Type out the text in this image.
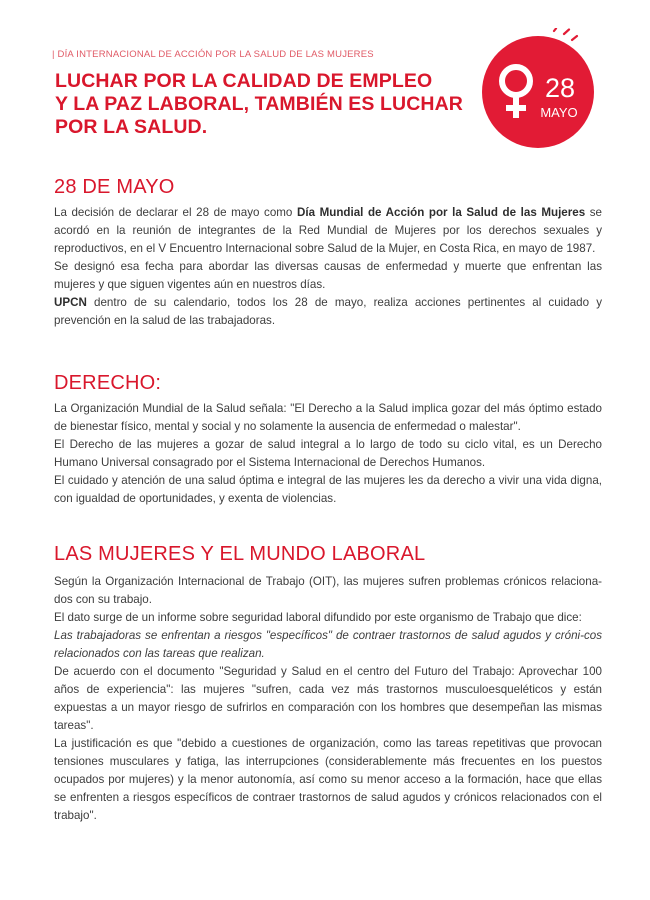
| DÍA INTERNACIONAL DE ACCIÓN POR LA SALUD DE LAS MUJERES
LUCHAR POR LA CALIDAD DE EMPLEO
Y LA PAZ LABORAL, TAMBIÉN ES LUCHAR
POR LA SALUD.
28
MAYO
28 DE MAYO

La decisión de declarar el 28 de mayo como Día Mundial de Acción por la Salud de las Mujeres se acordó en la reunión de integrantes de la Red Mundial de Mujeres por los derechos sexuales y reproductivos, en el V Encuentro Internacional sobre Salud de la Mujer, en Costa Rica, en mayo de 1987.

Se designó esa fecha para abordar las diversas causas de enfermedad y muerte que enfrentan las mujeres y que siguen vigentes aún en nuestros días.

UPCN dentro de su calendario, todos los 28 de mayo, realiza acciones pertinentes al cuidado y prevención en la salud de las trabajadoras.

DERECHO:

La Organización Mundial de la Salud señala: "El Derecho a la Salud implica gozar del más óptimo estado de bienestar físico, mental y social y no solamente la ausencia de enfermedad o malestar".

El Derecho de las mujeres a gozar de salud integral a lo largo de todo su ciclo vital, es un Derecho Humano Universal consagrado por el Sistema Internacional de Derechos Humanos.

El cuidado y atención de una salud óptima e integral de las mujeres les da derecho a vivir una vida digna, con igualdad de oportunidades, y exenta de violencias.

LAS MUJERES Y EL MUNDO LABORAL

Según la Organización Internacional de Trabajo (OIT), las mujeres sufren problemas crónicos relaciona-dos con su trabajo.

El dato surge de un informe sobre seguridad laboral difundido por este organismo de Trabajo que dice:

Las trabajadoras se enfrentan a riesgos "específicos" de contraer trastornos de salud agudos y cróni-cos relacionados con las tareas que realizan.

De acuerdo con el documento "Seguridad y Salud en el centro del Futuro del Trabajo: Aprovechar 100 años de experiencia": las mujeres "sufren, cada vez más trastornos musculoesqueléticos y están expuestas a un mayor riesgo de sufrirlos en comparación con los hombres que desempeñan las mismas tareas".

La justificación es que "debido a cuestiones de organización, como las tareas repetitivas que provocan tensiones musculares y fatiga, las interrupciones (considerablemente más frecuentes en los puestos ocupados por mujeres) y la menor autonomía, así como su menor acceso a la formación, hace que ellas se enfrenten a riesgos específicos de contraer trastornos de salud agudos y crónicos relacionados con el trabajo".
